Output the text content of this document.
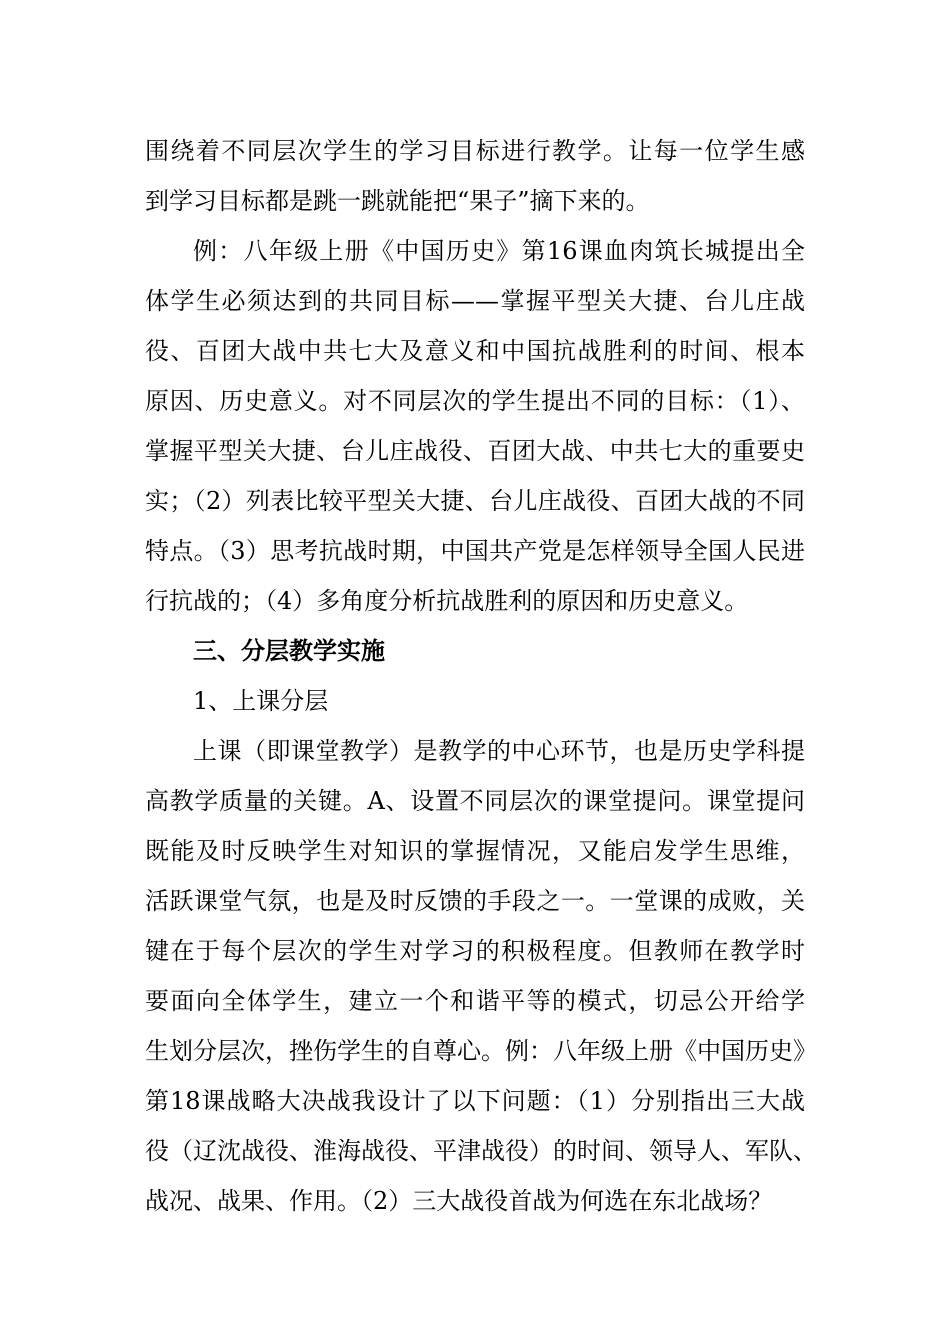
围绕着不同层次学生的学习目标进行教学。让每一位学生感
到学习目标都是跳一跳就能把“果子”摘下来的。
例：八年级上册《中国历史》第16课血肉筑长城提出全
体学生必须达到的共同目标——掌握平型关大捷、台儿庄战
役、百团大战中共七大及意义和中国抗战胜利的时间、根本
原因、历史意义。对不同层次的学生提出不同的目标：（1）、
掌握平型关大捷、台儿庄战役、百团大战、中共七大的重要史
实；（2）列表比较平型关大捷、台儿庄战役、百团大战的不同
特点。（3）思考抗战时期，中国共产党是怎样领导全国人民进
行抗战的；（4）多角度分析抗战胜利的原因和历史意义。
三、分层教学实施
1、上课分层
上课（即课堂教学）是教学的中心环节，也是历史学科提
高教学质量的关键。A、设置不同层次的课堂提问。课堂提问
既能及时反映学生对知识的掌握情况，又能启发学生思维，
活跃课堂气氛，也是及时反馈的手段之一。一堂课的成败，关
键在于每个层次的学生对学习的积极程度。但教师在教学时
要面向全体学生，建立一个和谐平等的模式，切忌公开给学
生划分层次，挫伤学生的自尊心。例：八年级上册《中国历史》
第18课战略大决战我设计了以下问题：（1）分别指出三大战
役（辽沈战役、淮海战役、平津战役）的时间、领导人、军队、
战况、战果、作用。（2）三大战役首战为何选在东北战场？
